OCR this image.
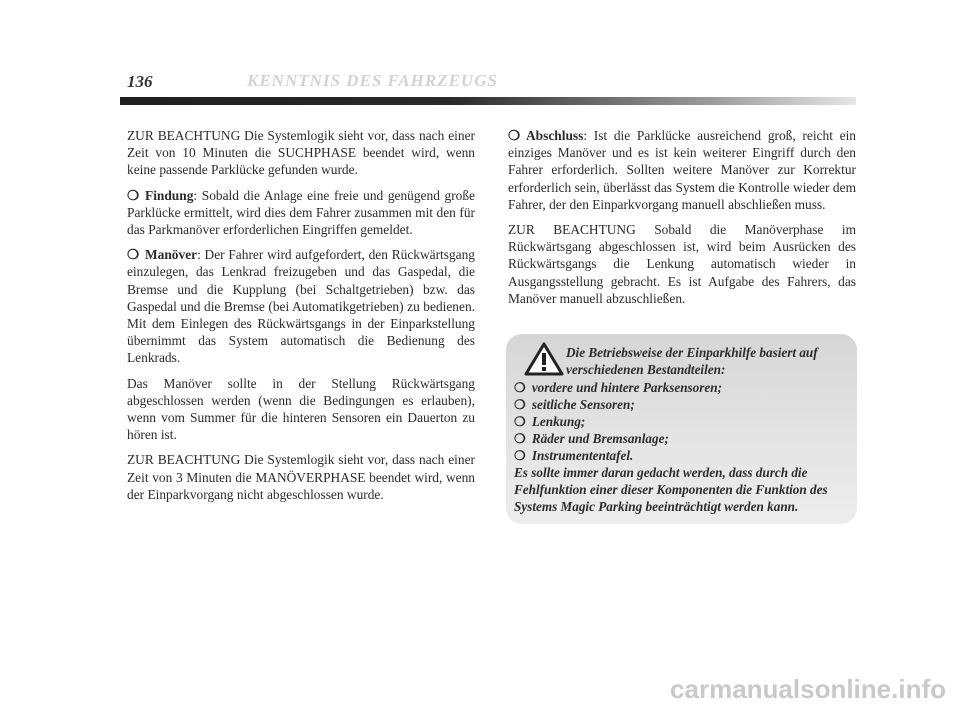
136	KENNTNIS DES FAHRZEUGS

ZUR BEACHTUNG Die Systemlogik sieht vor, dass nach einer Zeit von 10 Minuten die SUCHPHASE beendet wird, wenn keine passende Parklücke gefunden wurde.

❍ Findung: Sobald die Anlage eine freie und genügend große Parklücke ermittelt, wird dies dem Fahrer zusammen mit den für das Parkmanöver erforderlichen Eingriffen gemeldet.

❍ Manöver: Der Fahrer wird aufgefordert, den Rückwärtsgang einzulegen, das Lenkrad freizugeben und das Gaspedal, die Bremse und die Kupplung (bei Schaltgetrieben) bzw. das Gaspedal und die Bremse (bei Automatikgetrieben) zu bedienen. Mit dem Einlegen des Rückwärtsgangs in der Einparkstellung übernimmt das System automatisch die Bedienung des Lenkrads.

Das Manöver sollte in der Stellung Rückwärtsgang abgeschlossen werden (wenn die Bedingungen es erlauben), wenn vom Summer für die hinteren Sensoren ein Dauerton zu hören ist.

ZUR BEACHTUNG Die Systemlogik sieht vor, dass nach einer Zeit von 3 Minuten die MANÖVERPHASE beendet wird, wenn der Einparkvorgang nicht abgeschlossen wurde.

❍ Abschluss: Ist die Parklücke ausreichend groß, reicht ein einziges Manöver und es ist kein weiterer Eingriff durch den Fahrer erforderlich. Sollten weitere Manöver zur Korrektur erforderlich sein, überlässt das System die Kontrolle wieder dem Fahrer, der den Einparkvorgang manuell abschließen muss.

ZUR BEACHTUNG Sobald die Manöverphase im Rückwärtsgang abgeschlossen ist, wird beim Ausrücken des Rückwärtsgangs die Lenkung automatisch wieder in Ausgangsstellung gebracht. Es ist Aufgabe des Fahrers, das Manöver manuell abzuschließen.

Die Betriebsweise der Einparkhilfe basiert auf verschiedenen Bestandteilen:

❍ vordere und hintere Parksensoren;
❍ seitliche Sensoren;
❍ Lenkung;
❍ Räder und Bremsanlage;
❍ Instrumententafel.

Es sollte immer daran gedacht werden, dass durch die Fehlfunktion einer dieser Komponenten die Funktion des Systems Magic Parking beeinträchtigt werden kann.

carmanualsonline.info
